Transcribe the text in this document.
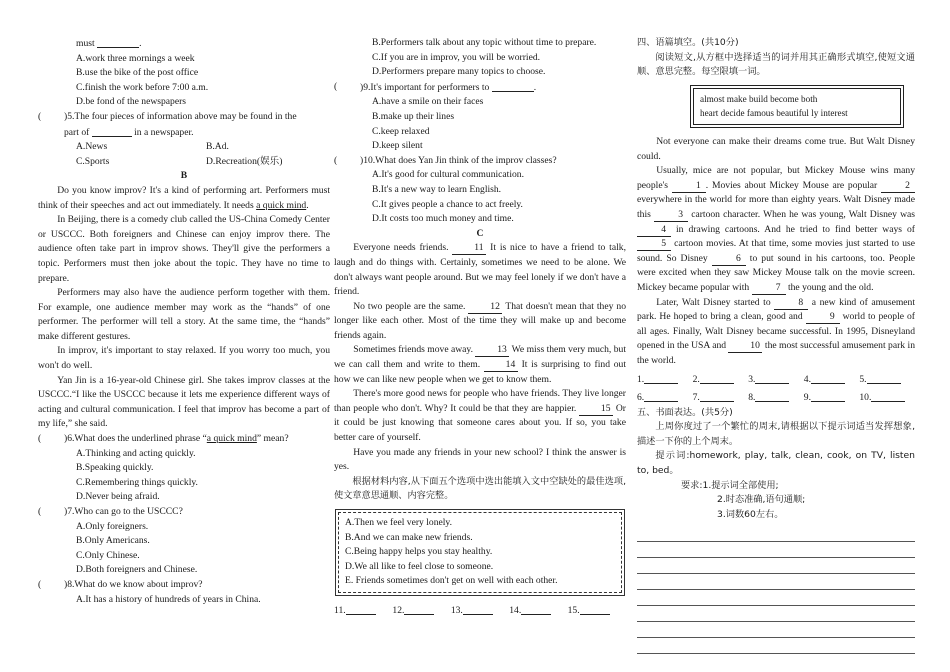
must	.

A.work three mornings a week

B.use the bike of the post office

C.finish the work before 7:00 a.m.

D.be fond of the newspapers

( )5.The four pieces of information above may be found in the
part of	in a newspaper.

A.News	B.Ad.

C.Sports	D.Recreation(娱乐)

B

Do you know improv? It's a kind of performing art. Performers must think of their speeches and act out immediately. It needs a quick mind.

In Beijing, there is a comedy club called the US-China Comedy Center or USCCC. Both foreigners and Chinese can enjoy improv there. The audience often take part in improv shows. They'll give the performers a topic. Performers must then joke about the topic. They have no time to prepare.

Performers may also have the audience perform together with them. For example, one audience member may work as the “hands” of one performer. The performer will tell a story. At the same time, the “hands” make different gestures.

In improv, it's important to stay relaxed. If you worry too much, you won't do well.

Yan Jin is a 16-year-old Chinese girl. She takes improv classes at the USCCC.“I like the USCCC because it lets me experience different ways of acting and cultural communication. I feel that improv has become a part of my life,” she said.

( )6.What does the underlined phrase “a quick mind” mean?

A.Thinking and acting quickly.

B.Speaking quickly.

C.Remembering things quickly.

D.Never being afraid.

( )7.Who can go to the USCCC?

A.Only foreigners.

B.Only Americans.

C.Only Chinese.

D.Both foreigners and Chinese.

( )8.What do we know about improv?

A.It has a history of hundreds of years in China.

B.Performers talk about any topic without time to prepare.

C.If you are in improv, you will be worried.

D.Performers prepare many topics to choose.

( )9.It's important for performers to	.

A.have a smile on their faces

B.make up their lines

C.keep relaxed

D.keep silent

( )10.What does Yan Jin think of the improv classes?

A.It's good for cultural communication.

B.It's a new way to learn English.

C.It gives people a chance to act freely.

D.It costs too much money and time.

C

Everyone needs friends.	11 It is nice to have a friend to talk, laugh and do things with. Certainly, sometimes we need to be alone. We don't always want people around. But we may feel lonely if we don't have a friend.

No two people are the same.	12 That doesn't mean that they no longer like each other. Most of the time they will make up and become friends again.

Sometimes friends move away.	13 We miss them very much, but we can call them and write to them.	14 It is surprising to find out how we can like new people when we get to know them.

There's more good news for people who have friends. They live longer than people who don't. Why? It could be that they are happier.	15 Or it could be just knowing that someone cares about you. If so, you take better care of yourself.

Have you made any friends in your new school? I think the answer is yes.

根据材料内容,从下面五个选项中选出能填入文中空缺处的最佳选项,使文章意思通顺、内容完整。

A.Then we feel very lonely.

B.And we can make new friends.

C.Being happy helps you stay healthy.

D.We all like to feel close to someone.

E. Friends sometimes don't get on well with each other.

11.	12.	13.	14.	15.

四、语篇填空。(共10分)

阅读短文,从方框中选择适当的词并用其正确形式填空,使短文通顺、意思完整。每空限填一词。

almost make build become both

heart decide famous beautiful ly interest

Not everyone can make their dreams come true. But Walt Disney could.

Usually, mice are not popular, but Mickey Mouse wins many people's	1 . Movies about Mickey Mouse are popular	2 everywhere in the world for more than eighty years. Walt Disney made this	3 cartoon character. When he was young, Walt Disney was 4 in drawing cartoons. And he tried to find better ways of 5 cartoon movies. At that time, some movies just started to use sound. So Disney	6 to put sound in his cartoons, too. People were excited when they saw Mickey Mouse talk on the movie screen. Mickey became popular with	7 the young and the old.

Later, Walt Disney started to	8 a new kind of amusement park. He hoped to bring a clean, good and	9 world to people of all ages. Finally, Walt Disney became successful. In 1995, Disneyland opened in the USA and	10 the most successful amusement park in the world.

1.	2.	3.	4.	5.
6.	7.	8.	9.	10.

五、书面表达。(共5分)

上周你度过了一个繁忙的周末,请根据以下提示词适当发挥想象,描述一下你的上个周末。

提示词:homework, play, talk, clean, cook, on TV, listen to, bed。

要求:1.提示词全部使用;

2.时态准确,语句通顺;

3.词数60左右。
